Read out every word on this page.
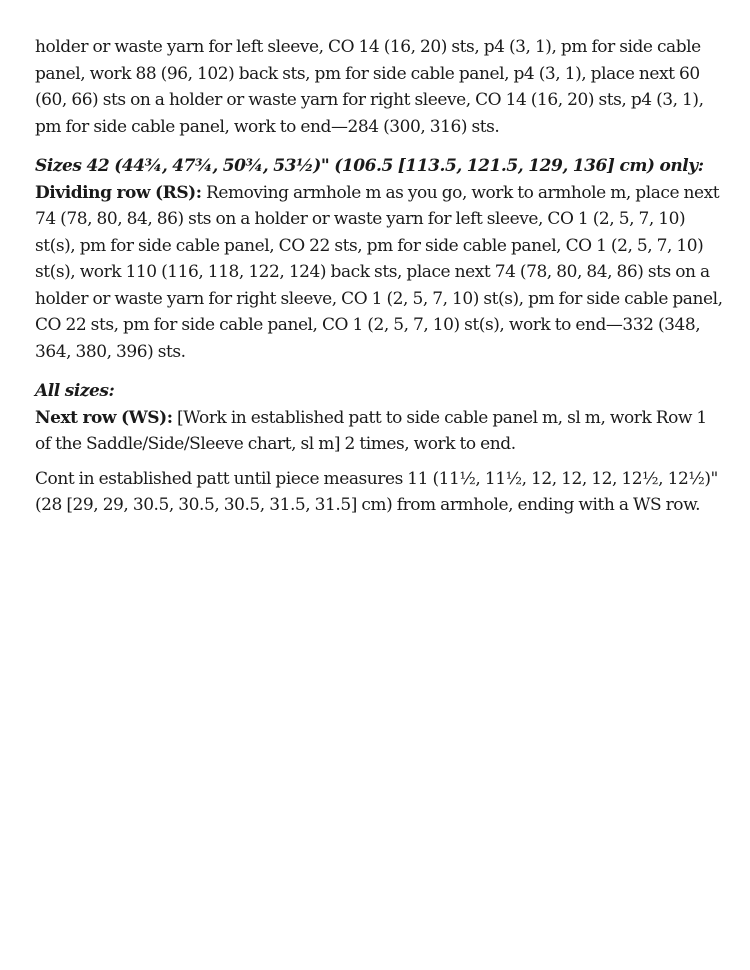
holder or waste yarn for left sleeve, CO 14 (16, 20) sts, p4 (3, 1), pm for side cable panel, work 88 (96, 102) back sts, pm for side cable panel, p4 (3, 1), place next 60 (60, 66) sts on a holder or waste yarn for right sleeve, CO 14 (16, 20) sts, p4 (3, 1), pm for side cable panel, work to end—284 (300, 316) sts.

Sizes 42 (44¾, 47¾, 50¾, 53½)" (106.5 [113.5, 121.5, 129, 136] cm) only:

Dividing row (RS): Removing armhole m as you go, work to armhole m, place next 74 (78, 80, 84, 86) sts on a holder or waste yarn for left sleeve, CO 1 (2, 5, 7, 10) st(s), pm for side cable panel, CO 22 sts, pm for side cable panel, CO 1 (2, 5, 7, 10) st(s), work 110 (116, 118, 122, 124) back sts, place next 74 (78, 80, 84, 86) sts on a holder or waste yarn for right sleeve, CO 1 (2, 5, 7, 10) st(s), pm for side cable panel, CO 22 sts, pm for side cable panel, CO 1 (2, 5, 7, 10) st(s), work to end—332 (348, 364, 380, 396) sts.

All sizes:

Next row (WS): [Work in established patt to side cable panel m, sl m, work Row 1 of the Saddle/Side/Sleeve chart, sl m] 2 times, work to end.

Cont in established patt until piece measures 11 (11½, 11½, 12, 12, 12, 12½, 12½)" (28 [29, 29, 30.5, 30.5, 30.5, 31.5, 31.5] cm) from armhole, ending with a WS row.
